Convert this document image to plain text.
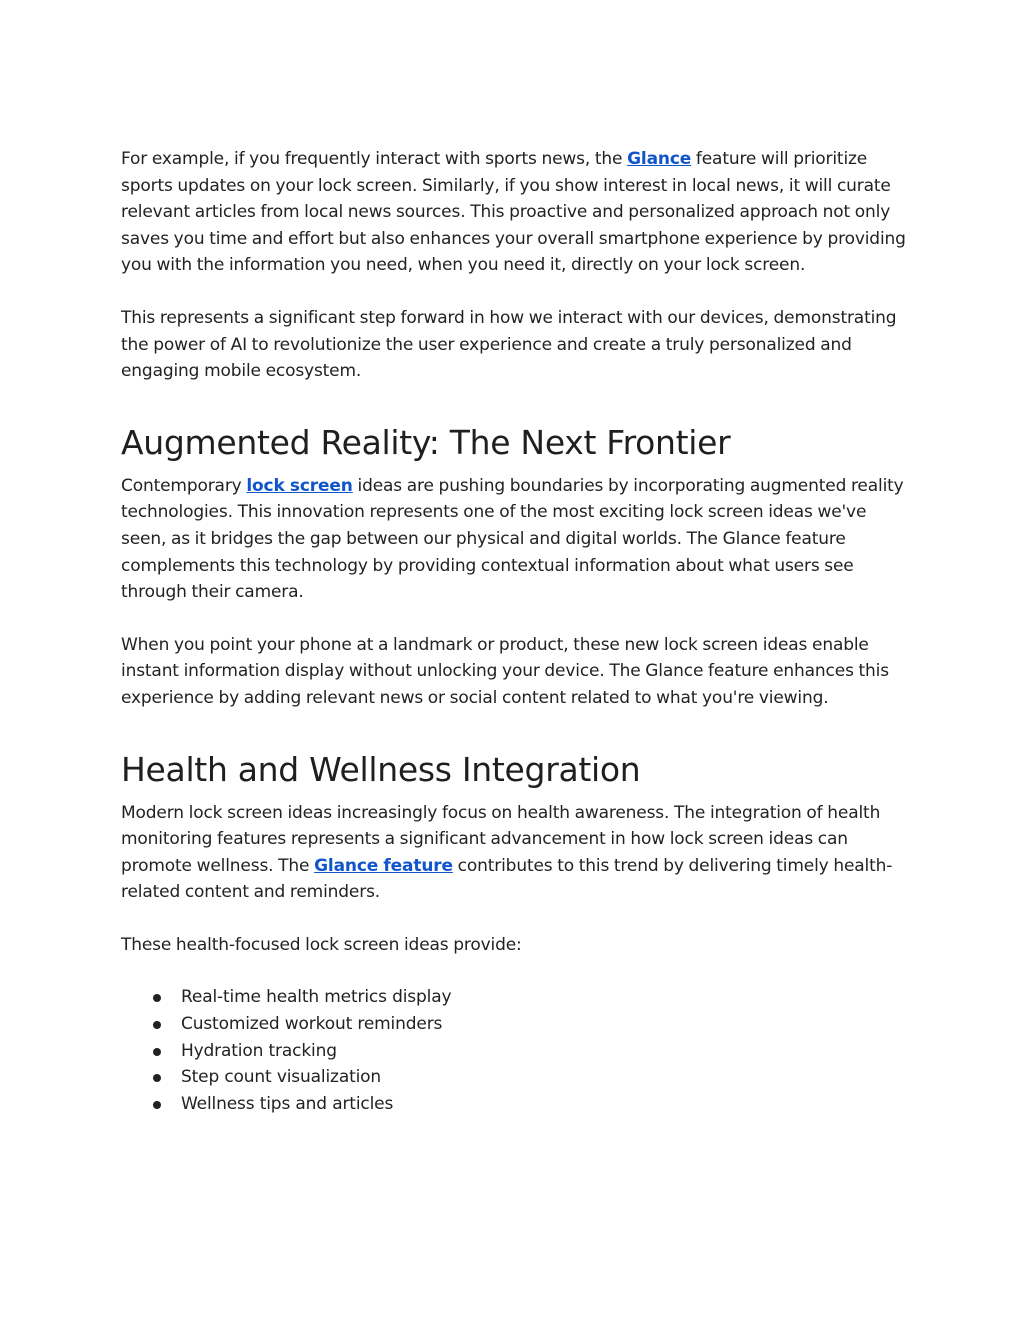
For example, if you frequently interact with sports news, the Glance feature will prioritize sports updates on your lock screen. Similarly, if you show interest in local news, it will curate relevant articles from local news sources. This proactive and personalized approach not only saves you time and effort but also enhances your overall smartphone experience by providing you with the information you need, when you need it, directly on your lock screen.

This represents a significant step forward in how we interact with our devices, demonstrating the power of AI to revolutionize the user experience and create a truly personalized and engaging mobile ecosystem.

Augmented Reality: The Next Frontier

Contemporary lock screen ideas are pushing boundaries by incorporating augmented reality technologies. This innovation represents one of the most exciting lock screen ideas we've seen, as it bridges the gap between our physical and digital worlds. The Glance feature complements this technology by providing contextual information about what users see through their camera.

When you point your phone at a landmark or product, these new lock screen ideas enable instant information display without unlocking your device. The Glance feature enhances this experience by adding relevant news or social content related to what you're viewing.

Health and Wellness Integration

Modern lock screen ideas increasingly focus on health awareness. The integration of health monitoring features represents a significant advancement in how lock screen ideas can promote wellness. The Glance feature contributes to this trend by delivering timely health-related content and reminders.

These health-focused lock screen ideas provide:

Real-time health metrics display
Customized workout reminders
Hydration tracking
Step count visualization
Wellness tips and articles
